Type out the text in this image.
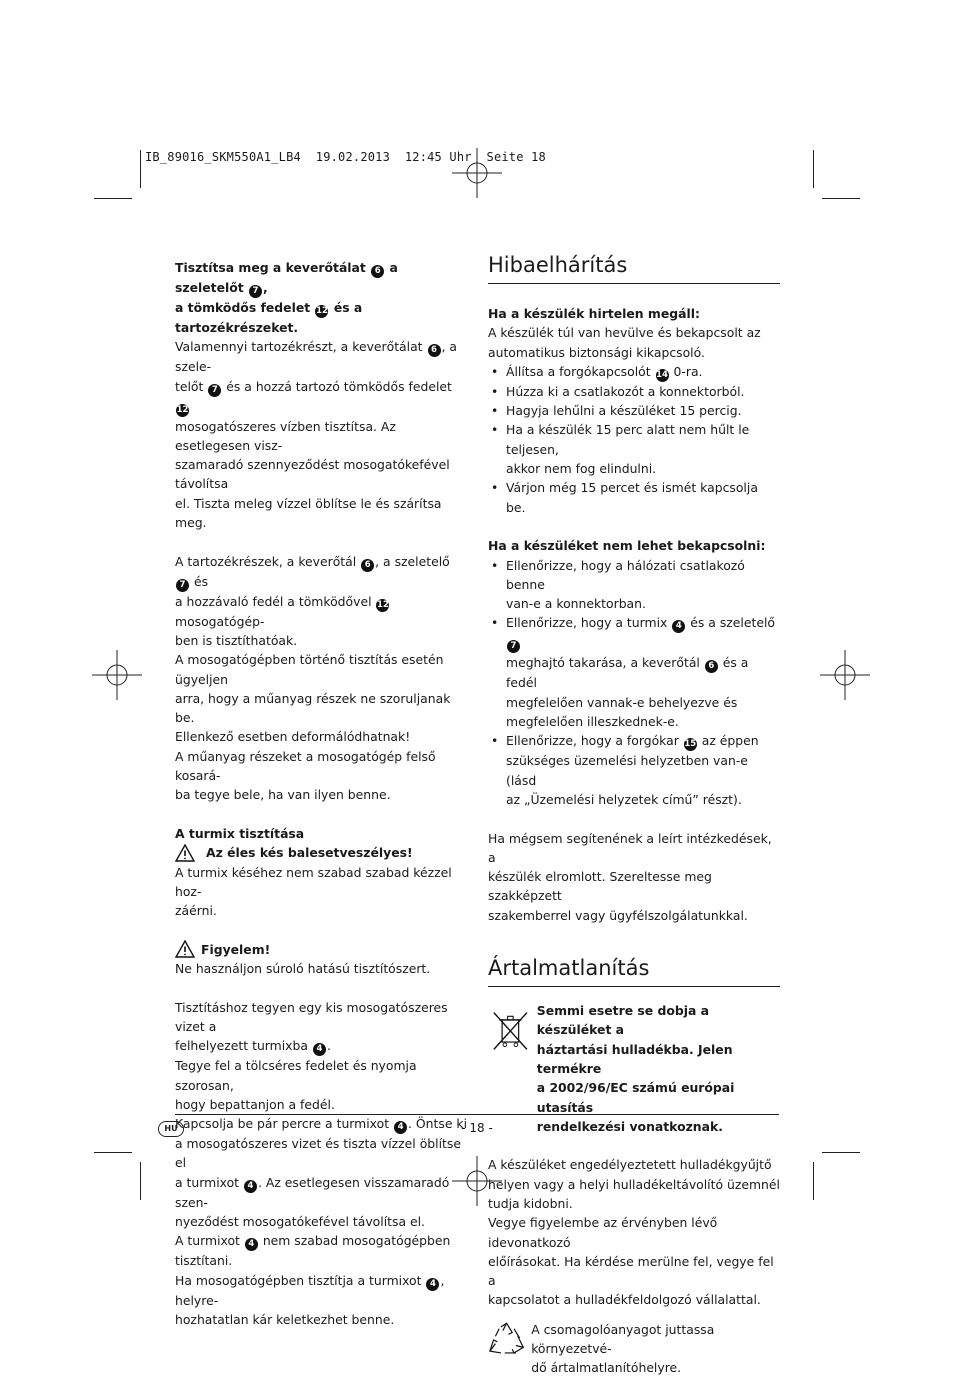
IB_89016_SKM550A1_LB4  19.02.2013  12:45 Uhr  Seite 18

Tisztítsa meg a keverőtálat 6 a szeletelőt 7 ,
a tömködős fedelet 12 és a tartozékrészeket.

Valamennyi tartozékrészt, a keverőtálat 6 , a szele-
telőt 7 és a hozzá tartozó tömködős fedelet 12
mosogatószeres vízben tisztítsa. Az esetlegesen visz-
szamaradó szennyeződést mosogatókefével távolítsa
el. Tiszta meleg vízzel öblítse le és szárítsa meg.

A tartozékrészek, a keverőtál 6 , a szeletelő 7 és
a hozzávaló fedél a tömködővel 12 mosogatógép-
ben is tisztíthatóak.

A mosogatógépben történő tisztítás esetén ügyeljen
arra, hogy a műanyag részek ne szoruljanak be.
Ellenkező esetben deformálódhatnak!

A műanyag részeket a mosogatógép felső kosará-
ba tegye bele, ha van ilyen benne.

A turmix tisztítása

Az éles kés balesetveszélyes!

A turmix késéhez nem szabad szabad kézzel hoz-
záérni.

Figyelem!

Ne használjon súroló hatású tisztítószert.

Tisztításhoz tegyen egy kis mosogatószeres vizet a
felhelyezett turmixba 4 .
Tegye fel a tölcséres fedelet és nyomja szorosan,
hogy bepattanjon a fedél.
Kapcsolja be pár percre a turmixot 4 . Öntse ki
a mosogatószeres vizet és tiszta vízzel öblítse el
a turmixot 4 . Az esetlegesen visszamaradó szen-
nyeződést mosogatókefével távolítsa el.
A turmixot 4 nem szabad mosogatógépben tisztítani.
Ha mosogatógépben tisztítja a turmixot 4 , helyre-
hozhatatlan kár keletkezhet benne.

Hibaelhárítás

Ha a készülék hirtelen megáll:

A készülék túl van hevülve és bekapcsolt az
automatikus biztonsági kikapcsoló.

• Állítsa a forgókapcsolót 14 0-ra.
• Húzza ki a csatlakozót a konnektorból.
• Hagyja lehűlni a készüléket 15 percig.
• Ha a készülék 15 perc alatt nem hűlt le teljesen,
akkor nem fog elindulni.
• Várjon még 15 percet és ismét kapcsolja be.

Ha a készüléket nem lehet bekapcsolni:

• Ellenőrizze, hogy a hálózati csatlakozó benne
van-e a konnektorban.
• Ellenőrizze, hogy a turmix 4 és a szeletelő 7
meghajtó takarása, a keverőtál 6 és a fedél
megfelelően vannak-e behelyezve és
megfelelően illeszkednek-e.
• Ellenőrizze, hogy a forgókar 15 az éppen
szükséges üzemelési helyzetben van-e (lásd
az „Üzemelési helyzetek című” részt).

Ha mégsem segítenének a leírt intézkedések, a
készülék elromlott. Szereltesse meg szakképzett
szakemberrel vagy ügyfélszolgálatunkkal.

Ártalmatlanítás

Semmi esetre se dobja a készüléket a
háztartási hulladékba. Jelen termékre
a 2002/96/EC számú európai utasítás
rendelkezési vonatkoznak.

A készüléket engedélyeztetett hulladékgyűjtő
helyen vagy a helyi hulladékeltávolító üzemnél
tudja kidobni.

Vegye figyelembe az érvényben lévő idevonatkozó
előírásokat. Ha kérdése merülne fel, vegye fel a
kapcsolatot a hulladékfeldolgozó vállalattal.

A csomagolóanyagot juttassa környezetvé-
dő ártalmatlanítóhelyre.

HU	- 18 -
